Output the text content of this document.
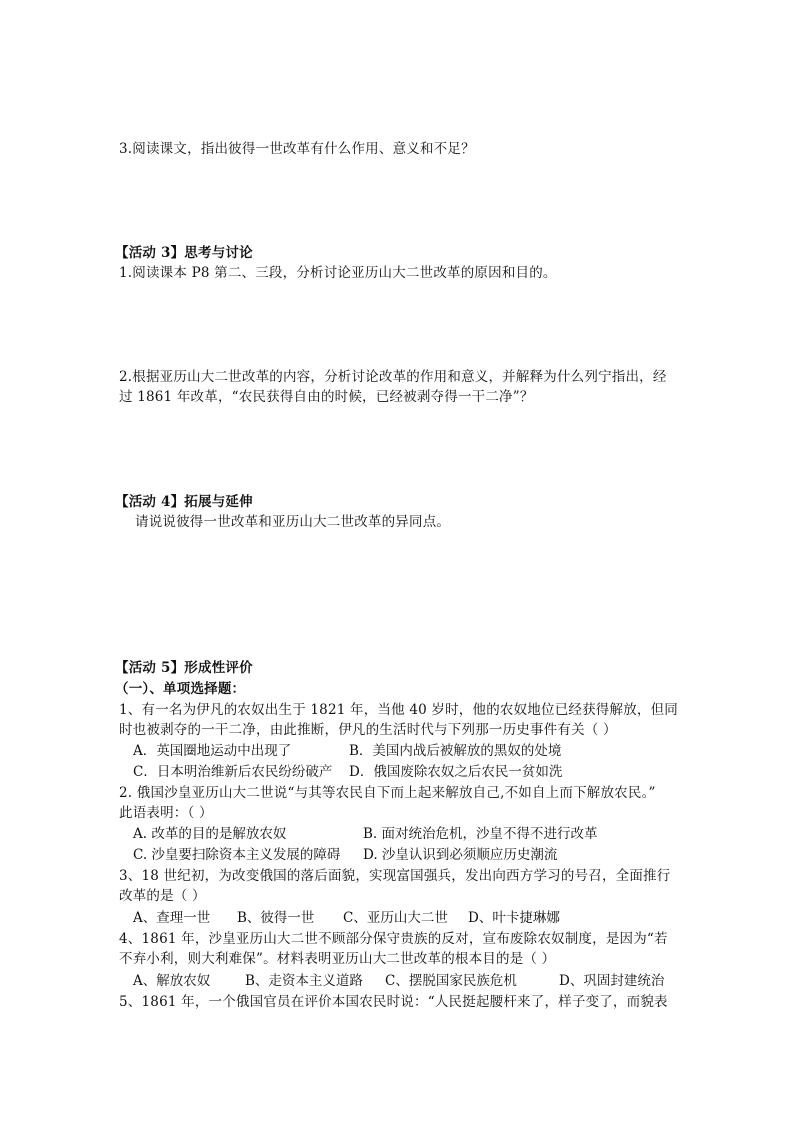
3.阅读课文，指出彼得一世改革有什么作用、意义和不足？
【活动 3】思考与讨论
1.阅读课本 P8 第二、三段，分析讨论亚历山大二世改革的原因和目的。
2.根据亚历山大二世改革的内容，分析讨论改革的作用和意义，并解释为什么列宁指出，经
过 1861 年改革，“农民获得自由的时候，已经被剥夺得一干二净”？
【活动 4】拓展与延伸
请说说彼得一世改革和亚历山大二世改革的异同点。
【活动 5】形成性评价
（一）、单项选择题：
1、有一名为伊凡的农奴出生于 1821 年，当他 40 岁时，他的农奴地位已经获得解放，但同
时也被剥夺的一干二净，由此推断，伊凡的生活时代与下列那一历史事件有关（ ）
A．英国圈地运动中出现了	B．美国内战后被解放的黑奴的处境
C．日本明治维新后农民纷纷破产 D．俄国废除农奴之后农民一贫如洗
2. 俄国沙皇亚历山大二世说“与其等农民自下而上起来解放自己,不如自上而下解放农民。”
此语表明：（ ）
A. 改革的目的是解放农奴	B. 面对统治危机，沙皇不得不进行改革
C. 沙皇要扫除资本主义发展的障碍 D. 沙皇认识到必须顺应历史潮流
3、18 世纪初，为改变俄国的落后面貌，实现富国强兵，发出向西方学习的号召，全面推行
改革的是（ ）
A、查理一世 B、彼得一世 C、亚历山大二世 D、叶卡捷琳娜
4、1861 年，沙皇亚历山大二世不顾部分保守贵族的反对，宣布废除农奴制度，是因为“若
不弃小利，则大利难保”。材料表明亚历山大二世改革的根本目的是（ ）
A、解放农奴	B、走资本主义道路 C、摆脱国家民族危机	D、巩固封建统治
5、1861 年，一个俄国官员在评价本国农民时说：“人民挺起腰杆来了，样子变了，而貌表
